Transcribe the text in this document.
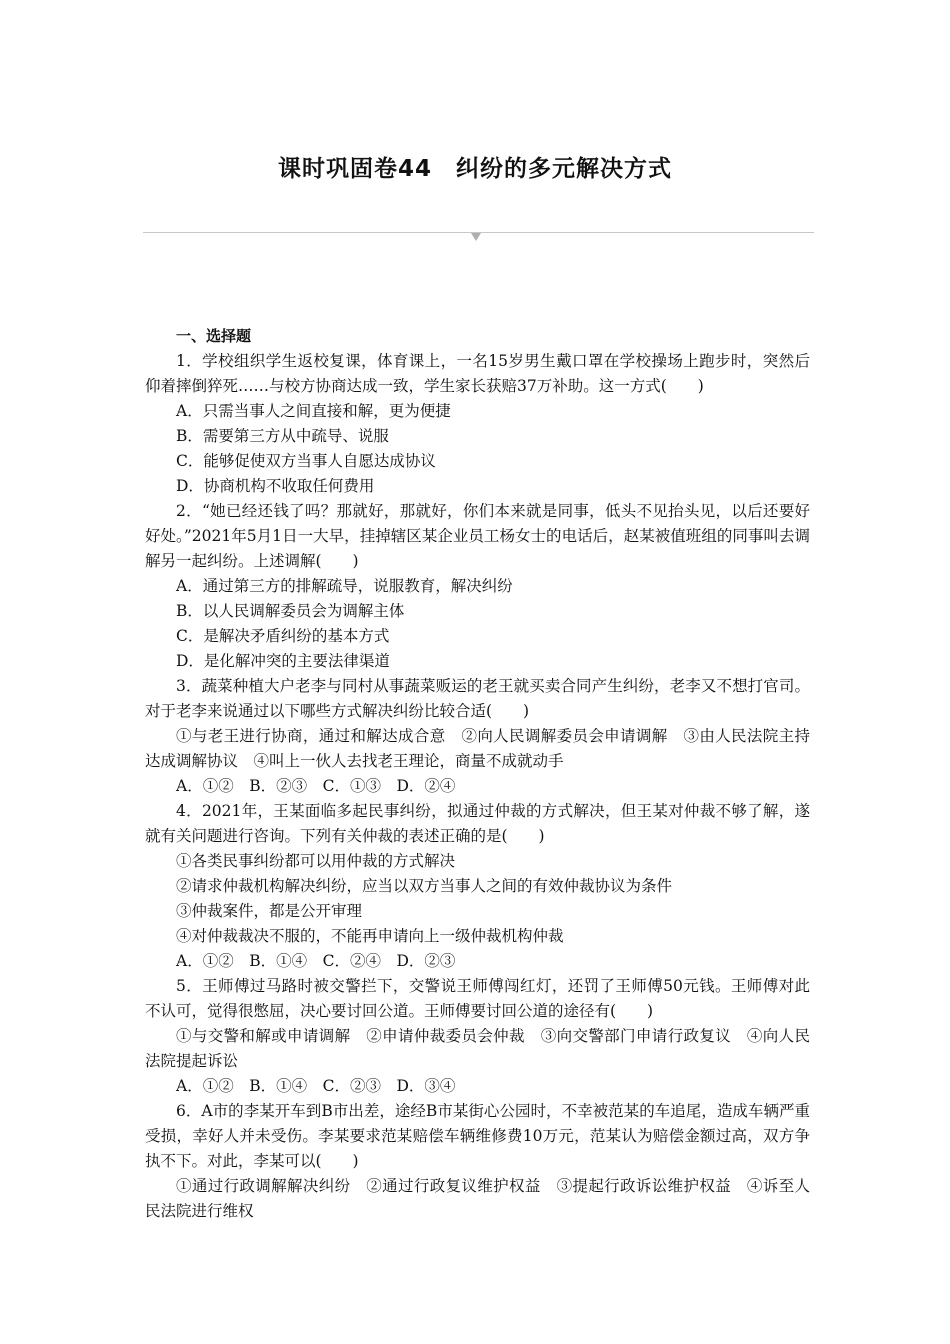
课时巩固卷44　纠纷的多元解决方式

一、选择题

1．学校组织学生返校复课，体育课上，一名15岁男生戴口罩在学校操场上跑步时，突然后仰着摔倒猝死……与校方协商达成一致，学生家长获赔37万补助。这一方式(　　)

A．只需当事人之间直接和解，更为便捷

B．需要第三方从中疏导、说服

C．能够促使双方当事人自愿达成协议

D．协商机构不收取任何费用

2．“她已经还钱了吗？那就好，那就好，你们本来就是同事，低头不见抬头见，以后还要好好处。”2021年5月1日一大早，挂掉辖区某企业员工杨女士的电话后，赵某被值班组的同事叫去调解另一起纠纷。上述调解(　　)

A．通过第三方的排解疏导，说服教育，解决纠纷

B．以人民调解委员会为调解主体

C．是解决矛盾纠纷的基本方式

D．是化解冲突的主要法律渠道

3．蔬菜种植大户老李与同村从事蔬菜贩运的老王就买卖合同产生纠纷，老李又不想打官司。对于老李来说通过以下哪些方式解决纠纷比较合适(　　)

①与老王进行协商，通过和解达成合意　②向人民调解委员会申请调解　③由人民法院主持达成调解协议　④叫上一伙人去找老王理论，商量不成就动手

A．①②　B．②③　C．①③　D．②④

4．2021年，王某面临多起民事纠纷，拟通过仲裁的方式解决，但王某对仲裁不够了解，遂就有关问题进行咨询。下列有关仲裁的表述正确的是(　　)

①各类民事纠纷都可以用仲裁的方式解决

②请求仲裁机构解决纠纷，应当以双方当事人之间的有效仲裁协议为条件

③仲裁案件，都是公开审理

④对仲裁裁决不服的，不能再申请向上一级仲裁机构仲裁

A．①②　B．①④　C．②④　D．②③

5．王师傅过马路时被交警拦下，交警说王师傅闯红灯，还罚了王师傅50元钱。王师傅对此不认可，觉得很憋屈，决心要讨回公道。王师傅要讨回公道的途径有(　　)

①与交警和解或申请调解　②申请仲裁委员会仲裁　③向交警部门申请行政复议　④向人民法院提起诉讼

A．①②　B．①④　C．②③　D．③④

6．A市的李某开车到B市出差，途经B市某街心公园时，不幸被范某的车追尾，造成车辆严重受损，幸好人并未受伤。李某要求范某赔偿车辆维修费10万元，范某认为赔偿金额过高，双方争执不下。对此，李某可以(　　)

①通过行政调解解决纠纷　②通过行政复议维护权益　③提起行政诉讼维护权益　④诉至人民法院进行维权
